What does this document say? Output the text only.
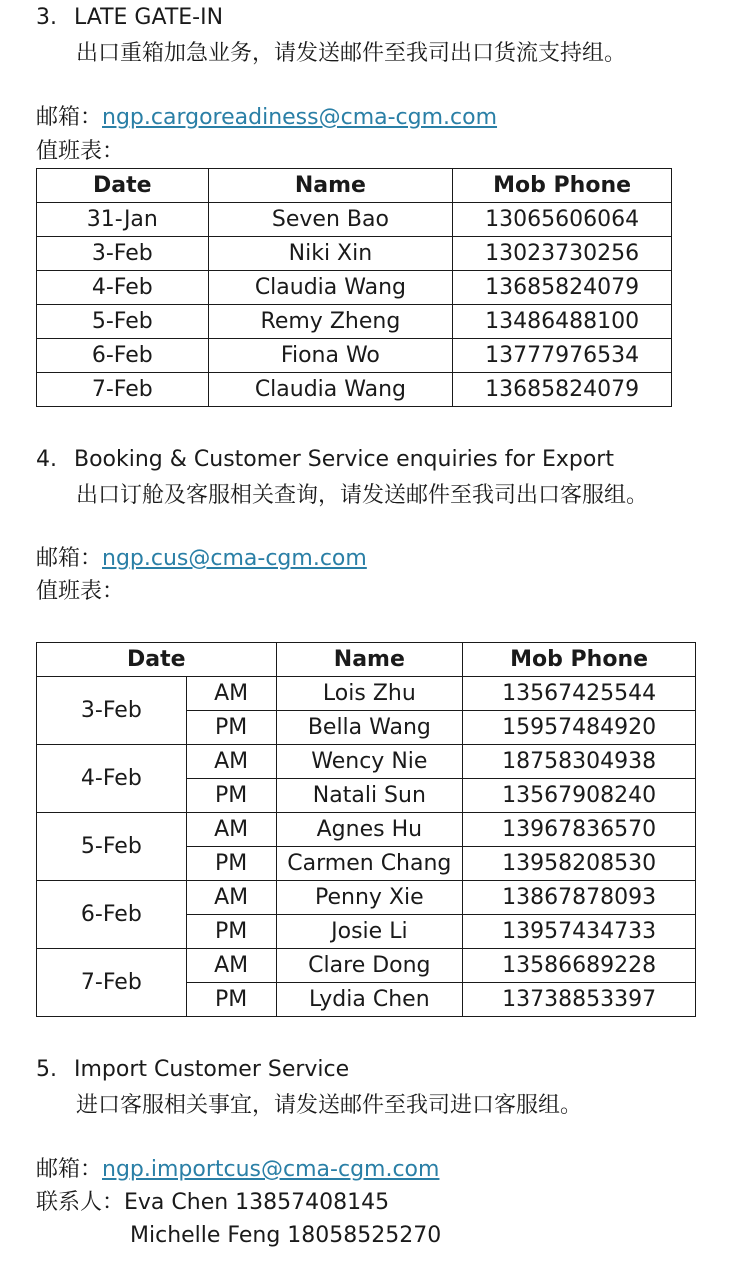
3. LATE GATE-IN
出口重箱加急业务，请发送邮件至我司出口货流支持组。
邮箱：ngp.cargoreadiness@cma-cgm.com
值班表：
Date	Name	Mob Phone
31-Jan	Seven Bao	13065606064
3-Feb	Niki Xin	13023730256
4-Feb	Claudia Wang	13685824079
5-Feb	Remy Zheng	13486488100
6-Feb	Fiona Wo	13777976534
7-Feb	Claudia Wang	13685824079
4. Booking & Customer Service enquiries for Export
出口订舱及客服相关查询，请发送邮件至我司出口客服组。
邮箱：ngp.cus@cma-cgm.com
值班表：
Date		Name	Mob Phone
3-Feb	AM	Lois Zhu	13567425544
	PM	Bella Wang	15957484920
4-Feb	AM	Wency Nie	18758304938
	PM	Natali Sun	13567908240
5-Feb	AM	Agnes Hu	13967836570
	PM	Carmen Chang	13958208530
6-Feb	AM	Penny Xie	13867878093
	PM	Josie Li	13957434733
7-Feb	AM	Clare Dong	13586689228
	PM	Lydia Chen	13738853397
5. Import Customer Service
进口客服相关事宜，请发送邮件至我司进口客服组。
邮箱：ngp.importcus@cma-cgm.com
联系人：Eva Chen 13857408145
Michelle Feng 18058525270
